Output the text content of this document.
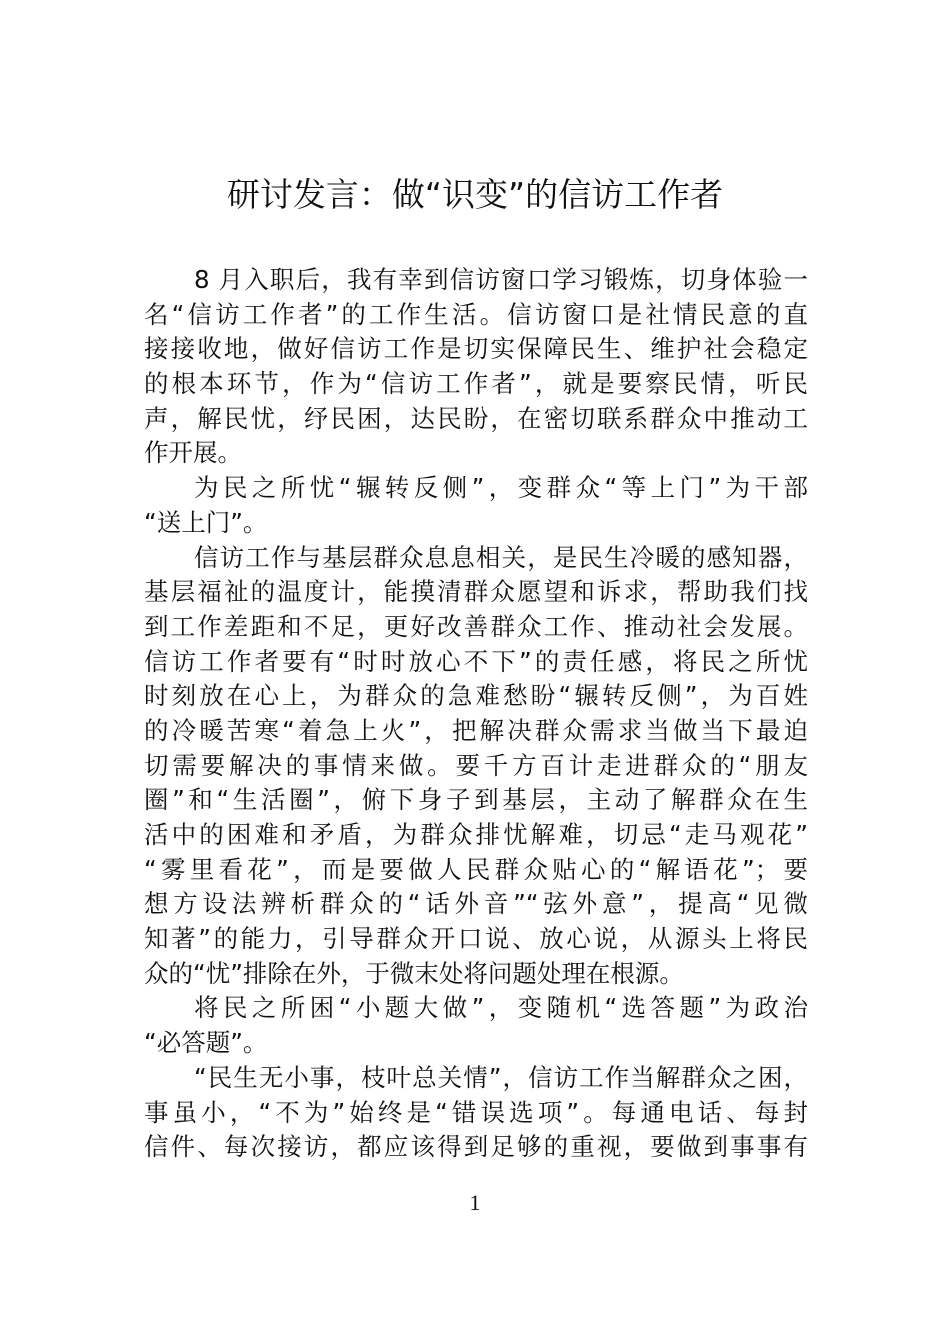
研讨发言：做“识变”的信访工作者
8 月入职后，我有幸到信访窗口学习锻炼，切身体验一
名“信访工作者”的工作生活。信访窗口是社情民意的直
接接收地，做好信访工作是切实保障民生、维护社会稳定
的根本环节，作为“信访工作者”，就是要察民情，听民
声，解民忧，纾民困，达民盼，在密切联系群众中推动工
作开展。
为民之所忧“辗转反侧”，变群众“等上门”为干部
“送上门”。
信访工作与基层群众息息相关，是民生冷暖的感知器，
基层福祉的温度计，能摸清群众愿望和诉求，帮助我们找
到工作差距和不足，更好改善群众工作、推动社会发展。
信访工作者要有“时时放心不下”的责任感，将民之所忧
时刻放在心上，为群众的急难愁盼“辗转反侧”，为百姓
的冷暖苦寒“着急上火”，把解决群众需求当做当下最迫
切需要解决的事情来做。要千方百计走进群众的“朋友
圈”和“生活圈”，俯下身子到基层，主动了解群众在生
活中的困难和矛盾，为群众排忧解难，切忌“走马观花”
“雾里看花”，而是要做人民群众贴心的“解语花”；要
想方设法辨析群众的“话外音”“弦外意”，提高“见微
知著”的能力，引导群众开口说、放心说，从源头上将民
众的“忧”排除在外，于微末处将问题处理在根源。
将民之所困“小题大做”，变随机“选答题”为政治
“必答题”。
“民生无小事，枝叶总关情”，信访工作当解群众之困，
事虽小，“不为”始终是“错误选项”。每通电话、每封
信件、每次接访，都应该得到足够的重视，要做到事事有
1
